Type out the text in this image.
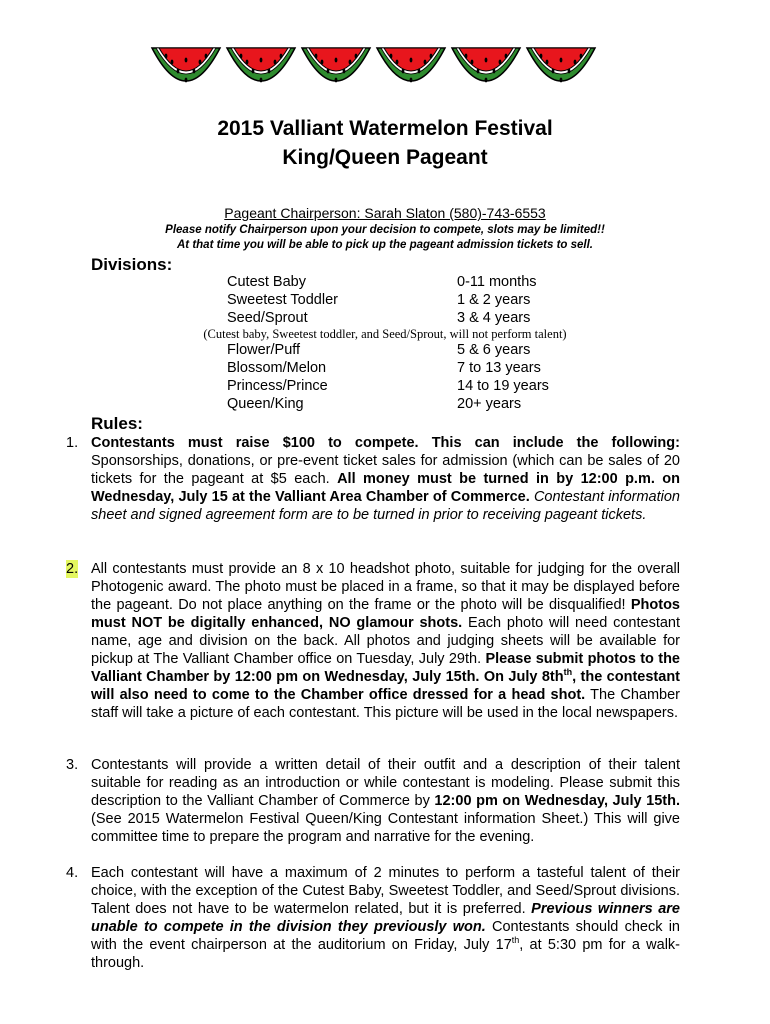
2015 Valliant Watermelon Festival
King/Queen Pageant
Pageant Chairperson: Sarah Slaton (580)-743-6553
Please notify Chairperson upon your decision to compete, slots may be limited!!
At that time you will be able to pick up the pageant admission tickets to sell.
Divisions:
Cutest Baby	0-11 months
Sweetest Toddler	1 & 2 years
Seed/Sprout	3 & 4 years
(Cutest baby, Sweetest toddler, and Seed/Sprout, will not perform talent)
Flower/Puff	5 & 6 years
Blossom/Melon	7 to 13 years
Princess/Prince	14 to 19 years
Queen/King	20+ years
Rules:
1. Contestants must raise $100 to compete. This can include the following: Sponsorships, donations, or pre-event ticket sales for admission (which can be sales of 20 tickets for the pageant at $5 each. All money must be turned in by 12:00 p.m. on Wednesday, July 15 at the Valliant Area Chamber of Commerce. Contestant information sheet and signed agreement form are to be turned in prior to receiving pageant tickets.
2. All contestants must provide an 8 x 10 headshot photo, suitable for judging for the overall Photogenic award. The photo must be placed in a frame, so that it may be displayed before the pageant. Do not place anything on the frame or the photo will be disqualified! Photos must NOT be digitally enhanced, NO glamour shots. Each photo will need contestant name, age and division on the back. All photos and judging sheets will be available for pickup at The Valliant Chamber office on Tuesday, July 29th. Please submit photos to the Valliant Chamber by 12:00 pm on Wednesday, July 15th. On July $8th^{th}$, the contestant will also need to come to the Chamber office dressed for a head shot. The Chamber staff will take a picture of each contestant. This picture will be used in the local newspapers.
3. Contestants will provide a written detail of their outfit and a description of their talent suitable for reading as an introduction or while contestant is modeling. Please submit this description to the Valliant Chamber of Commerce by 12:00 pm on Wednesday, July 15th. (See 2015 Watermelon Festival Queen/King Contestant information Sheet.) This will give committee time to prepare the program and narrative for the evening.
4. Each contestant will have a maximum of 2 minutes to perform a tasteful talent of their choice, with the exception of the Cutest Baby, Sweetest Toddler, and Seed/Sprout divisions. Talent does not have to be watermelon related, but it is preferred. Previous winners are unable to compete in the division they previously won. Contestants should check in with the event chairperson at the auditorium on Friday, July 17th, at 5:30 pm for a walk-through.
